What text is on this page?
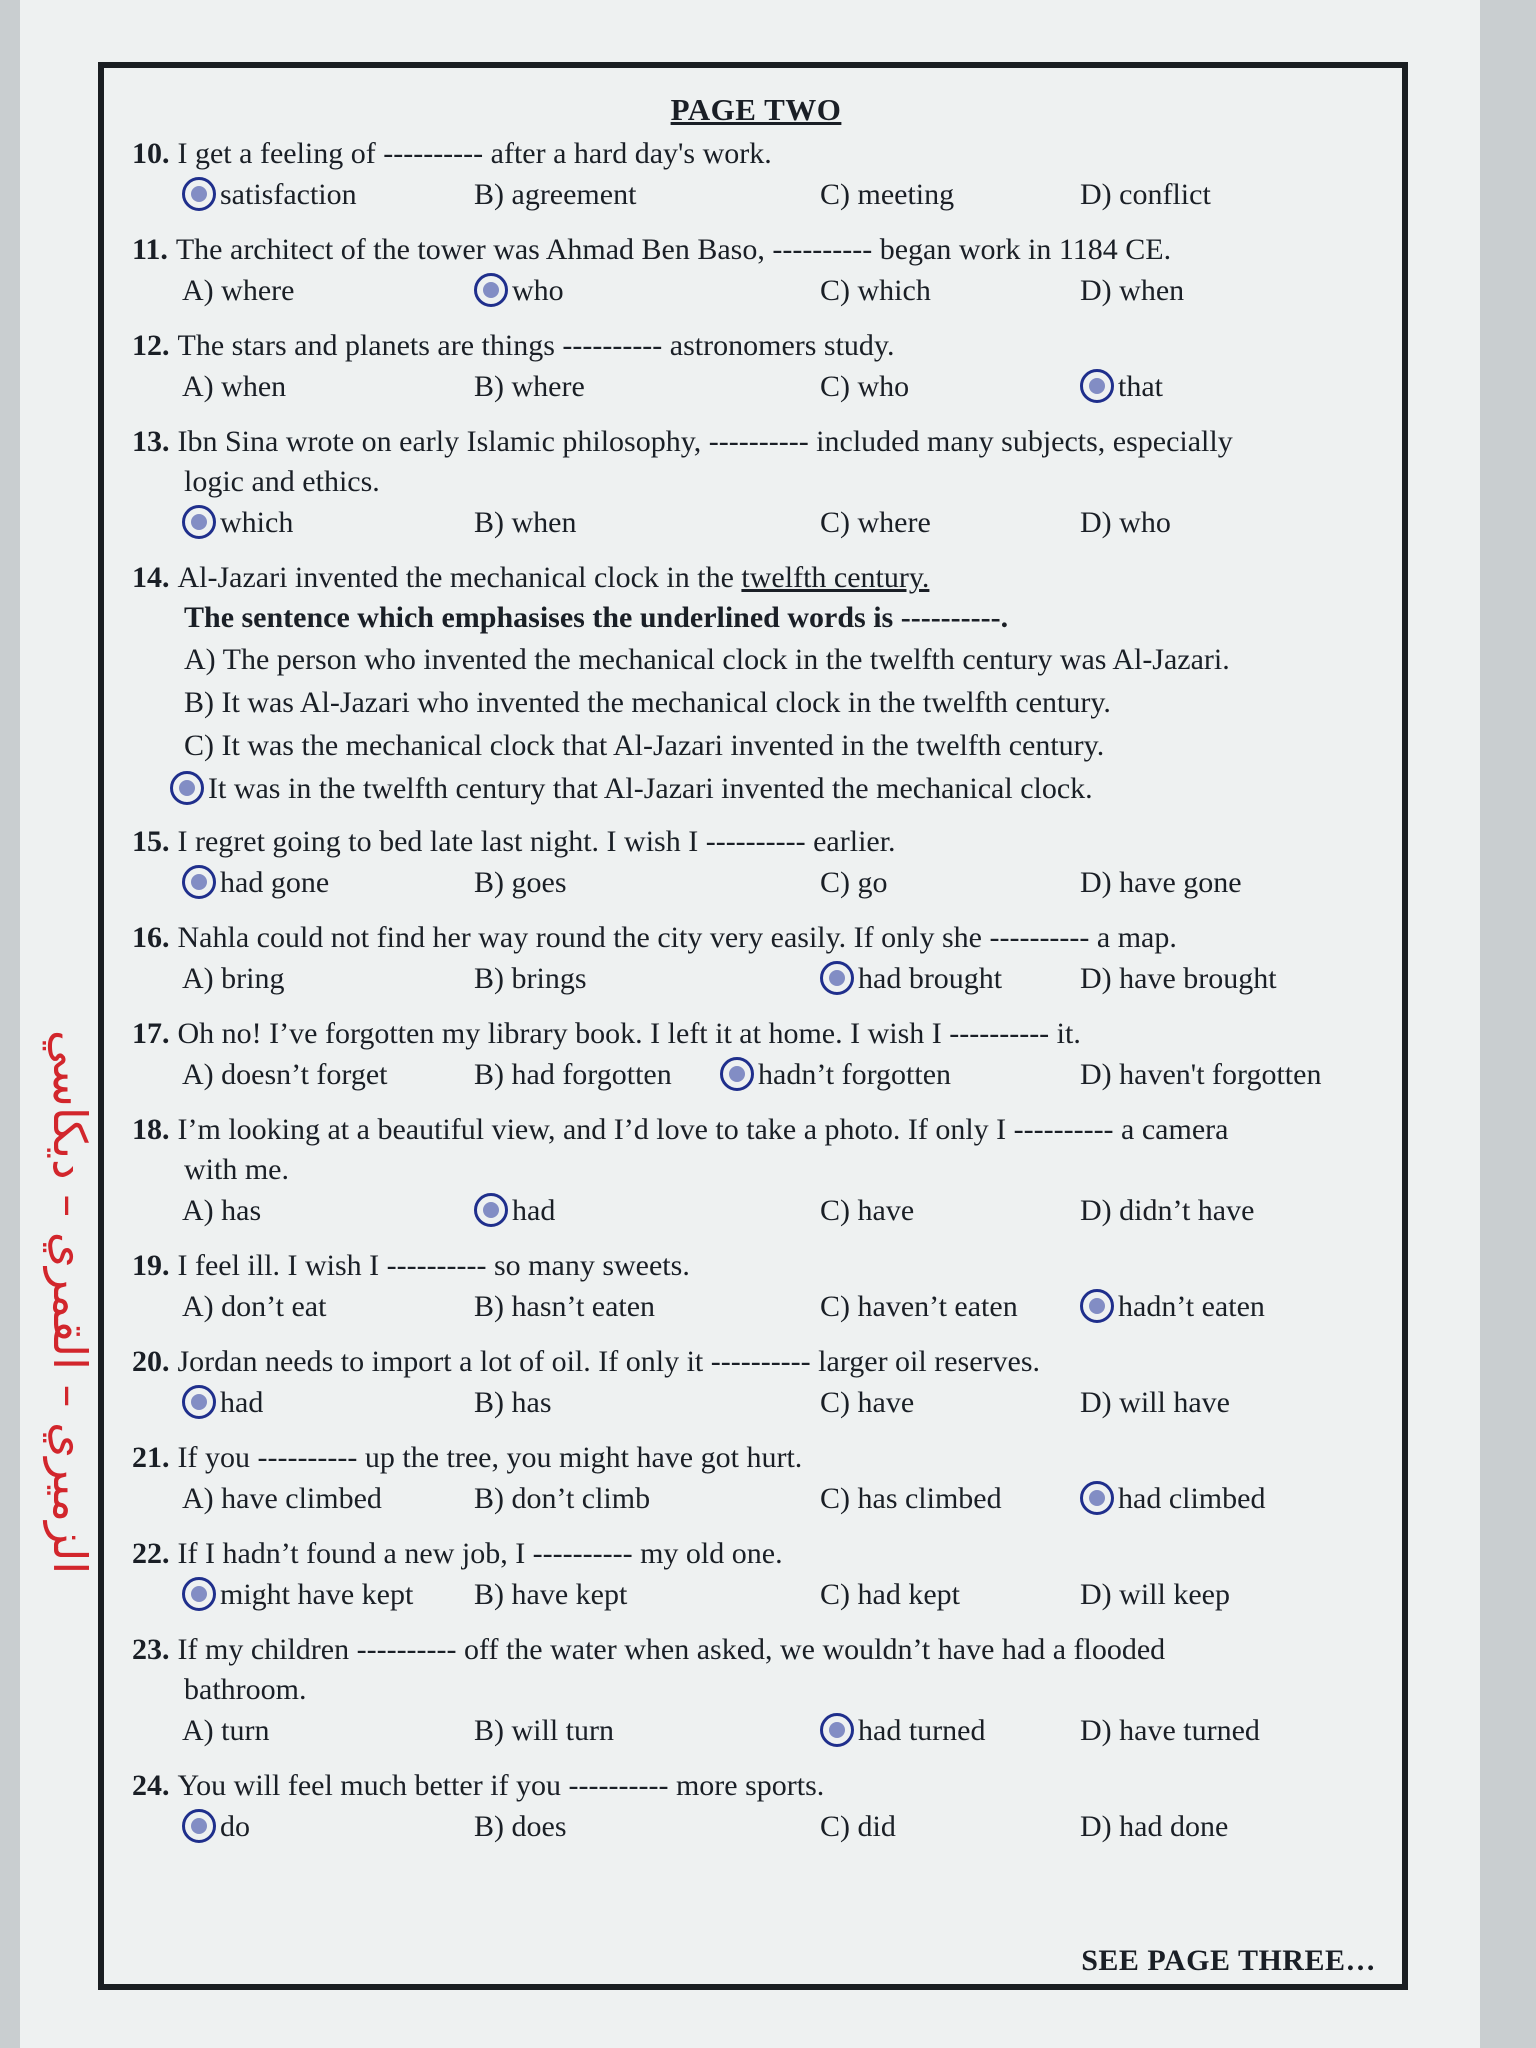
الزميري – القمري – ديكاسي
PAGE TWO
10. I get a feeling of ---------- after a hard day's work.
satisfaction	B) agreement	C) meeting	D) conflict
11. The architect of the tower was Ahmad Ben Baso, ---------- began work in 1184 CE.
A) where	who	C) which	D) when
12. The stars and planets are things ---------- astronomers study.
A) when	B) where	C) who	that
13. Ibn Sina wrote on early Islamic philosophy, ---------- included many subjects, especially
logic and ethics.
which	B) when	C) where	D) who
14. Al-Jazari invented the mechanical clock in the twelfth century.
The sentence which emphasises the underlined words is ----------.
A) The person who invented the mechanical clock in the twelfth century was Al-Jazari.
B) It was Al-Jazari who invented the mechanical clock in the twelfth century.
C) It was the mechanical clock that Al-Jazari invented in the twelfth century.
It was in the twelfth century that Al-Jazari invented the mechanical clock.
15. I regret going to bed late last night. I wish I ---------- earlier.
had gone	B) goes	C) go	D) have gone
16. Nahla could not find her way round the city very easily. If only she ---------- a map.
A) bring	B) brings	had brought	D) have brought
17. Oh no! I’ve forgotten my library book. I left it at home. I wish I ---------- it.
A) doesn’t forget	B) had forgotten	hadn’t forgotten	D) haven't forgotten
18. I’m looking at a beautiful view, and I’d love to take a photo. If only I ---------- a camera
with me.
A) has	had	C) have	D) didn’t have
19. I feel ill. I wish I ---------- so many sweets.
A) don’t eat	B) hasn’t eaten	C) haven’t eaten	hadn’t eaten
20. Jordan needs to import a lot of oil. If only it ---------- larger oil reserves.
had	B) has	C) have	D) will have
21. If you ---------- up the tree, you might have got hurt.
A) have climbed	B) don’t climb	C) has climbed	had climbed
22. If I hadn’t found a new job, I ---------- my old one.
might have kept	B) have kept	C) had kept	D) will keep
23. If my children ---------- off the water when asked, we wouldn’t have had a flooded
bathroom.
A) turn	B) will turn	had turned	D) have turned
24. You will feel much better if you ---------- more sports.
do	B) does	C) did	D) had done
SEE PAGE THREE…
